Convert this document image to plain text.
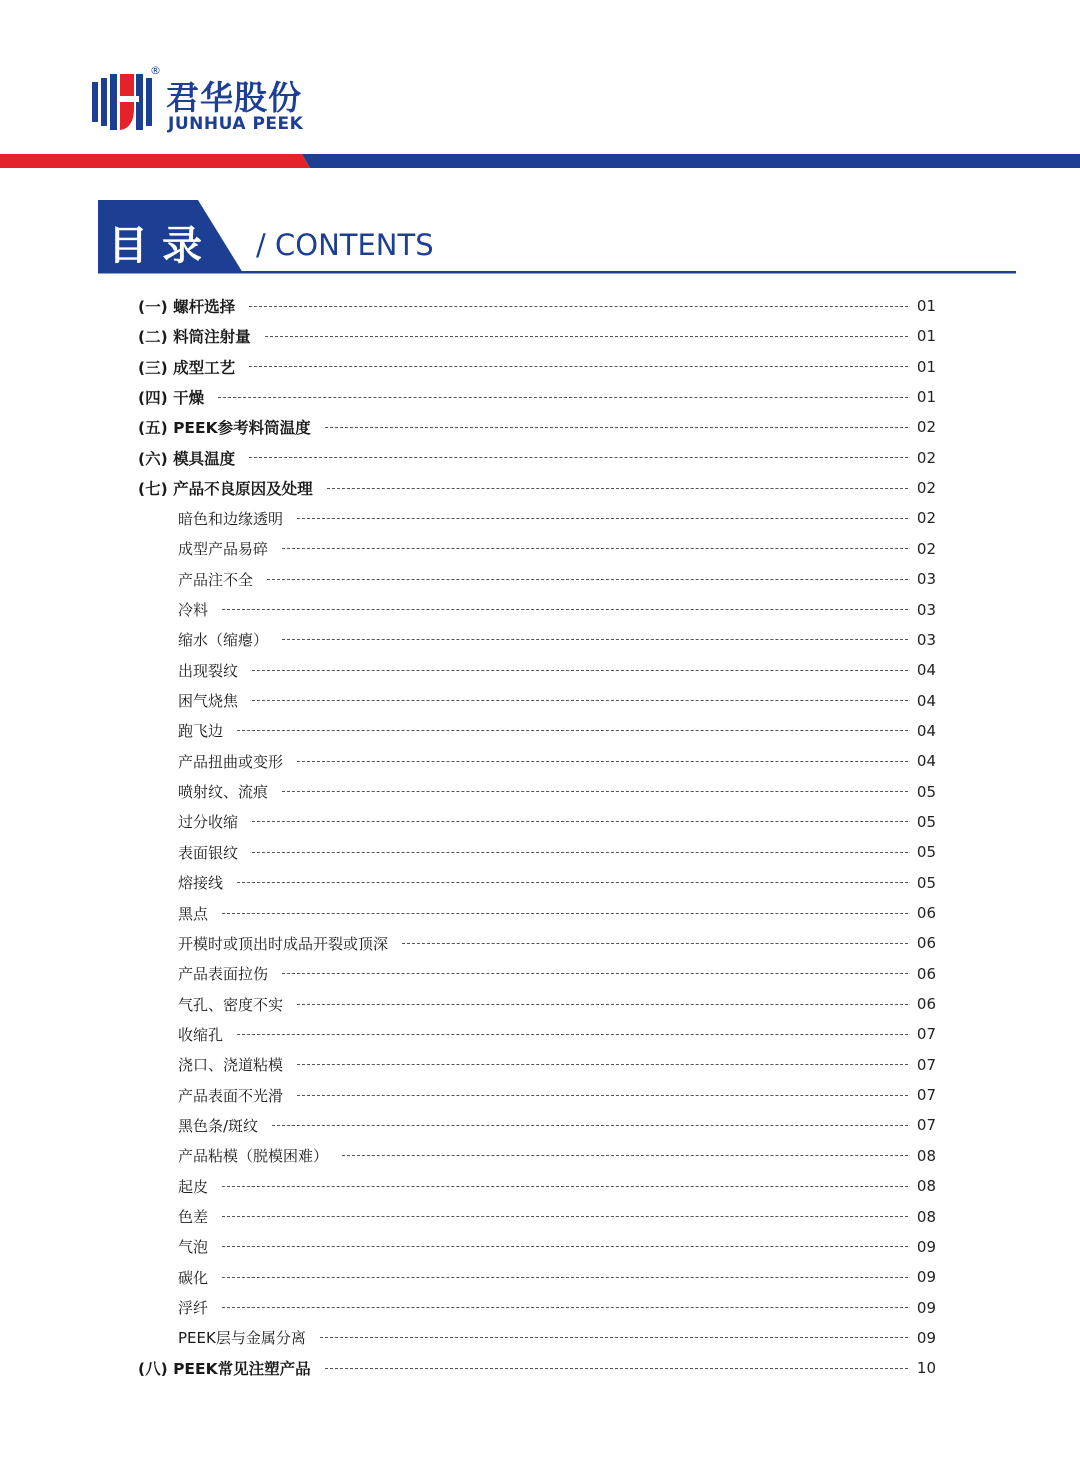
®
君华股份
JUNHUA PEEK
目录 / CONTENTS
(一) 螺杆选择	01
(二) 料筒注射量	01
(三) 成型工艺	01
(四) 干燥	01
(五) PEEK参考料筒温度	02
(六) 模具温度	02
(七) 产品不良原因及处理	02
暗色和边缘透明	02
成型产品易碎	02
产品注不全	03
冷料	03
缩水（缩瘪）	03
出现裂纹	04
困气烧焦	04
跑飞边	04
产品扭曲或变形	04
喷射纹、流痕	05
过分收缩	05
表面银纹	05
熔接线	05
黑点	06
开模时或顶出时成品开裂或顶深	06
产品表面拉伤	06
气孔、密度不实	06
收缩孔	07
浇口、浇道粘模	07
产品表面不光滑	07
黑色条/斑纹	07
产品粘模（脱模困难）	08
起皮	08
色差	08
气泡	09
碳化	09
浮纤	09
PEEK层与金属分离	09
(八) PEEK常见注塑产品	10
